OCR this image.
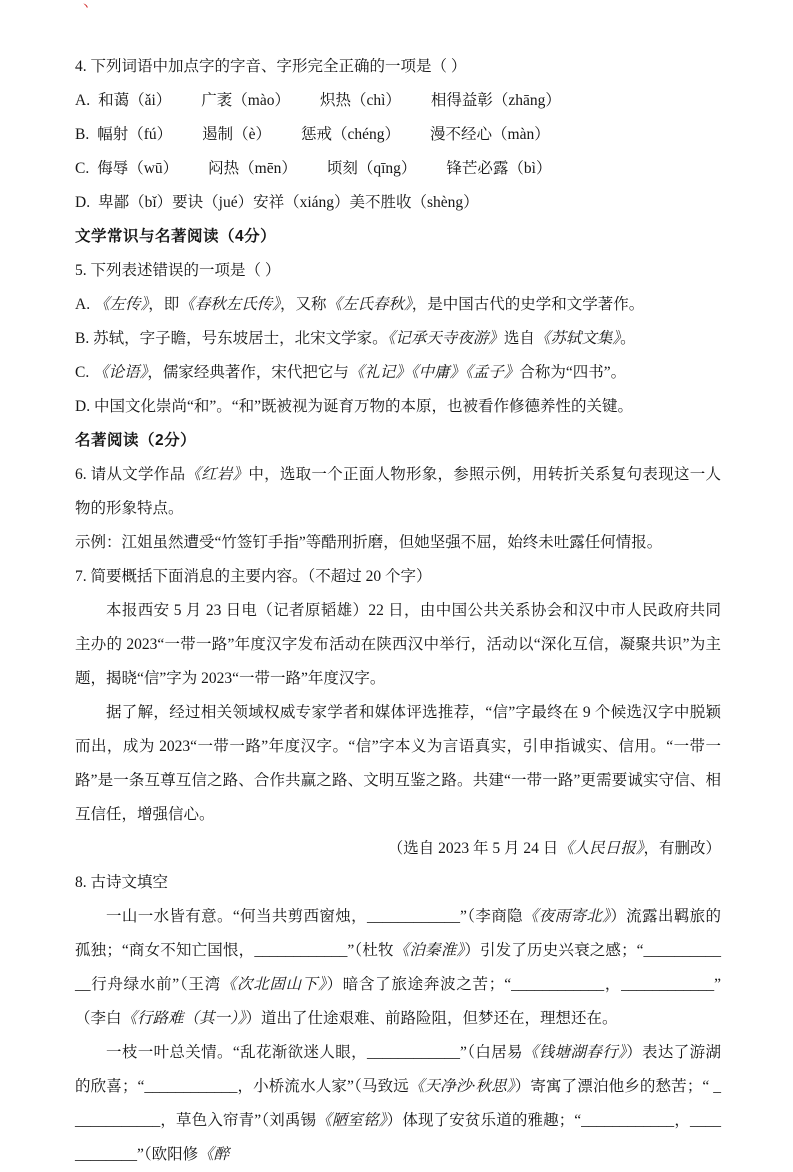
丶

4. 下列词语中加点字的字音、字形完全正确的一项是（ ）

A. 和蔼（ǎi） 广袤（mào） 炽热（chì） 相得益彰（zhāng）

B. 幅射（fú） 遏制（è） 惩戒（chéng） 漫不经心（màn）

C. 侮辱（wū） 闷热（mēn） 顷刻（qīng） 锋芒必露（bì）

D. 卑鄙（bǐ）要诀（jué）安祥（xiáng）美不胜收（shèng）

文学常识与名著阅读（4分）

5. 下列表述错误的一项是（ ）

A. 《左传》，即《春秋左氏传》，又称《左氏春秋》，是中国古代的史学和文学著作。

B. 苏轼，字子瞻，号东坡居士，北宋文学家。《记承天寺夜游》选自《苏轼文集》。

C. 《论语》，儒家经典著作，宋代把它与《礼记》《中庸》《孟子》合称为“四书”。

D. 中国文化崇尚“和”。“和”既被视为诞育万物的本原，也被看作修德养性的关键。

名著阅读（2分）

6. 请从文学作品《红岩》中，选取一个正面人物形象，参照示例，用转折关系复句表现这一人物的形象特点。

示例：江姐虽然遭受“竹签钉手指”等酷刑折磨，但她坚强不屈，始终未吐露任何情报。

7. 简要概括下面消息的主要内容。（不超过 20 个字）

本报西安 5 月 23 日电（记者原韬雄）22 日，由中国公共关系协会和汉中市人民政府共同主办的 2023“一带一路”年度汉字发布活动在陕西汉中举行，活动以“深化互信，凝聚共识”为主题，揭晓“信”字为 2023“一带一路”年度汉字。

据了解，经过相关领域权威专家学者和媒体评选推荐，“信”字最终在 9 个候选汉字中脱颖而出，成为 2023“一带一路”年度汉字。“信”字本义为言语真实，引申指诚实、信用。“一带一路”是一条互尊互信之路、合作共赢之路、文明互鉴之路。共建“一带一路”更需要诚实守信、相互信任，增强信心。

（选自 2023 年 5 月 24 日《人民日报》，有删改）

8. 古诗文填空

一山一水皆有意。“何当共剪西窗烛，____________”（李商隐《夜雨寄北》）流露出羁旅的孤独；“商女不知亡国恨，____________”（杜牧《泊秦淮》）引发了历史兴衰之感；“____________行舟绿水前”（王湾《次北固山下》）暗含了旅途奔波之苦；“____________，____________”（李白《行路难（其一）》）道出了仕途艰难、前路险阻，但梦还在，理想还在。

一枝一叶总关情。“乱花渐欲迷人眼，____________”（白居易《钱塘湖春行》）表达了游湖的欣喜；“____________，小桥流水人家”（马致远《天净沙·秋思》）寄寓了漂泊他乡的愁苦；“ ____________，草色入帘青”（刘禹锡《陋室铭》）体现了安贫乐道的雅趣；“____________，____________”（欧阳修《醉
